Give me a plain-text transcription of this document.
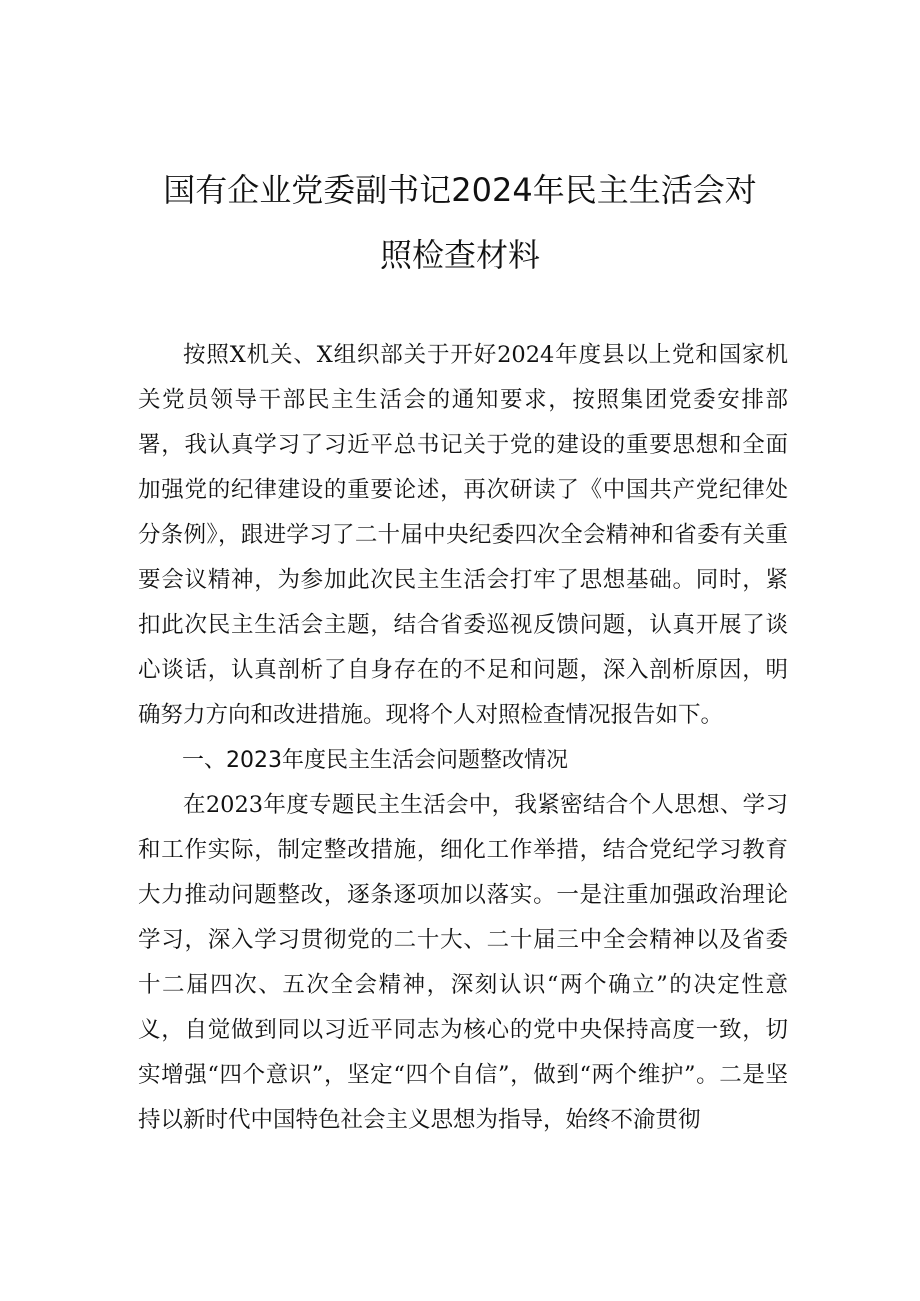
国有企业党委副书记2024年民主生活会对
照检查材料

按照X机关、X组织部关于开好2024年度县以上党和国家机关党员领导干部民主生活会的通知要求，按照集团党委安排部署，我认真学习了习近平总书记关于党的建设的重要思想和全面加强党的纪律建设的重要论述，再次研读了《中国共产党纪律处分条例》，跟进学习了二十届中央纪委四次全会精神和省委有关重要会议精神，为参加此次民主生活会打牢了思想基础。同时，紧扣此次民主生活会主题，结合省委巡视反馈问题，认真开展了谈心谈话，认真剖析了自身存在的不足和问题，深入剖析原因，明确努力方向和改进措施。现将个人对照检查情况报告如下。

一、2023年度民主生活会问题整改情况

在2023年度专题民主生活会中，我紧密结合个人思想、学习和工作实际，制定整改措施，细化工作举措，结合党纪学习教育大力推动问题整改，逐条逐项加以落实。一是注重加强政治理论学习，深入学习贯彻党的二十大、二十届三中全会精神以及省委十二届四次、五次全会精神，深刻认识“两个确立”的决定性意义，自觉做到同以习近平同志为核心的党中央保持高度一致，切实增强“四个意识”，坚定“四个自信”，做到“两个维护”。二是坚持以新时代中国特色社会主义思想为指导，始终不渝贯彻
